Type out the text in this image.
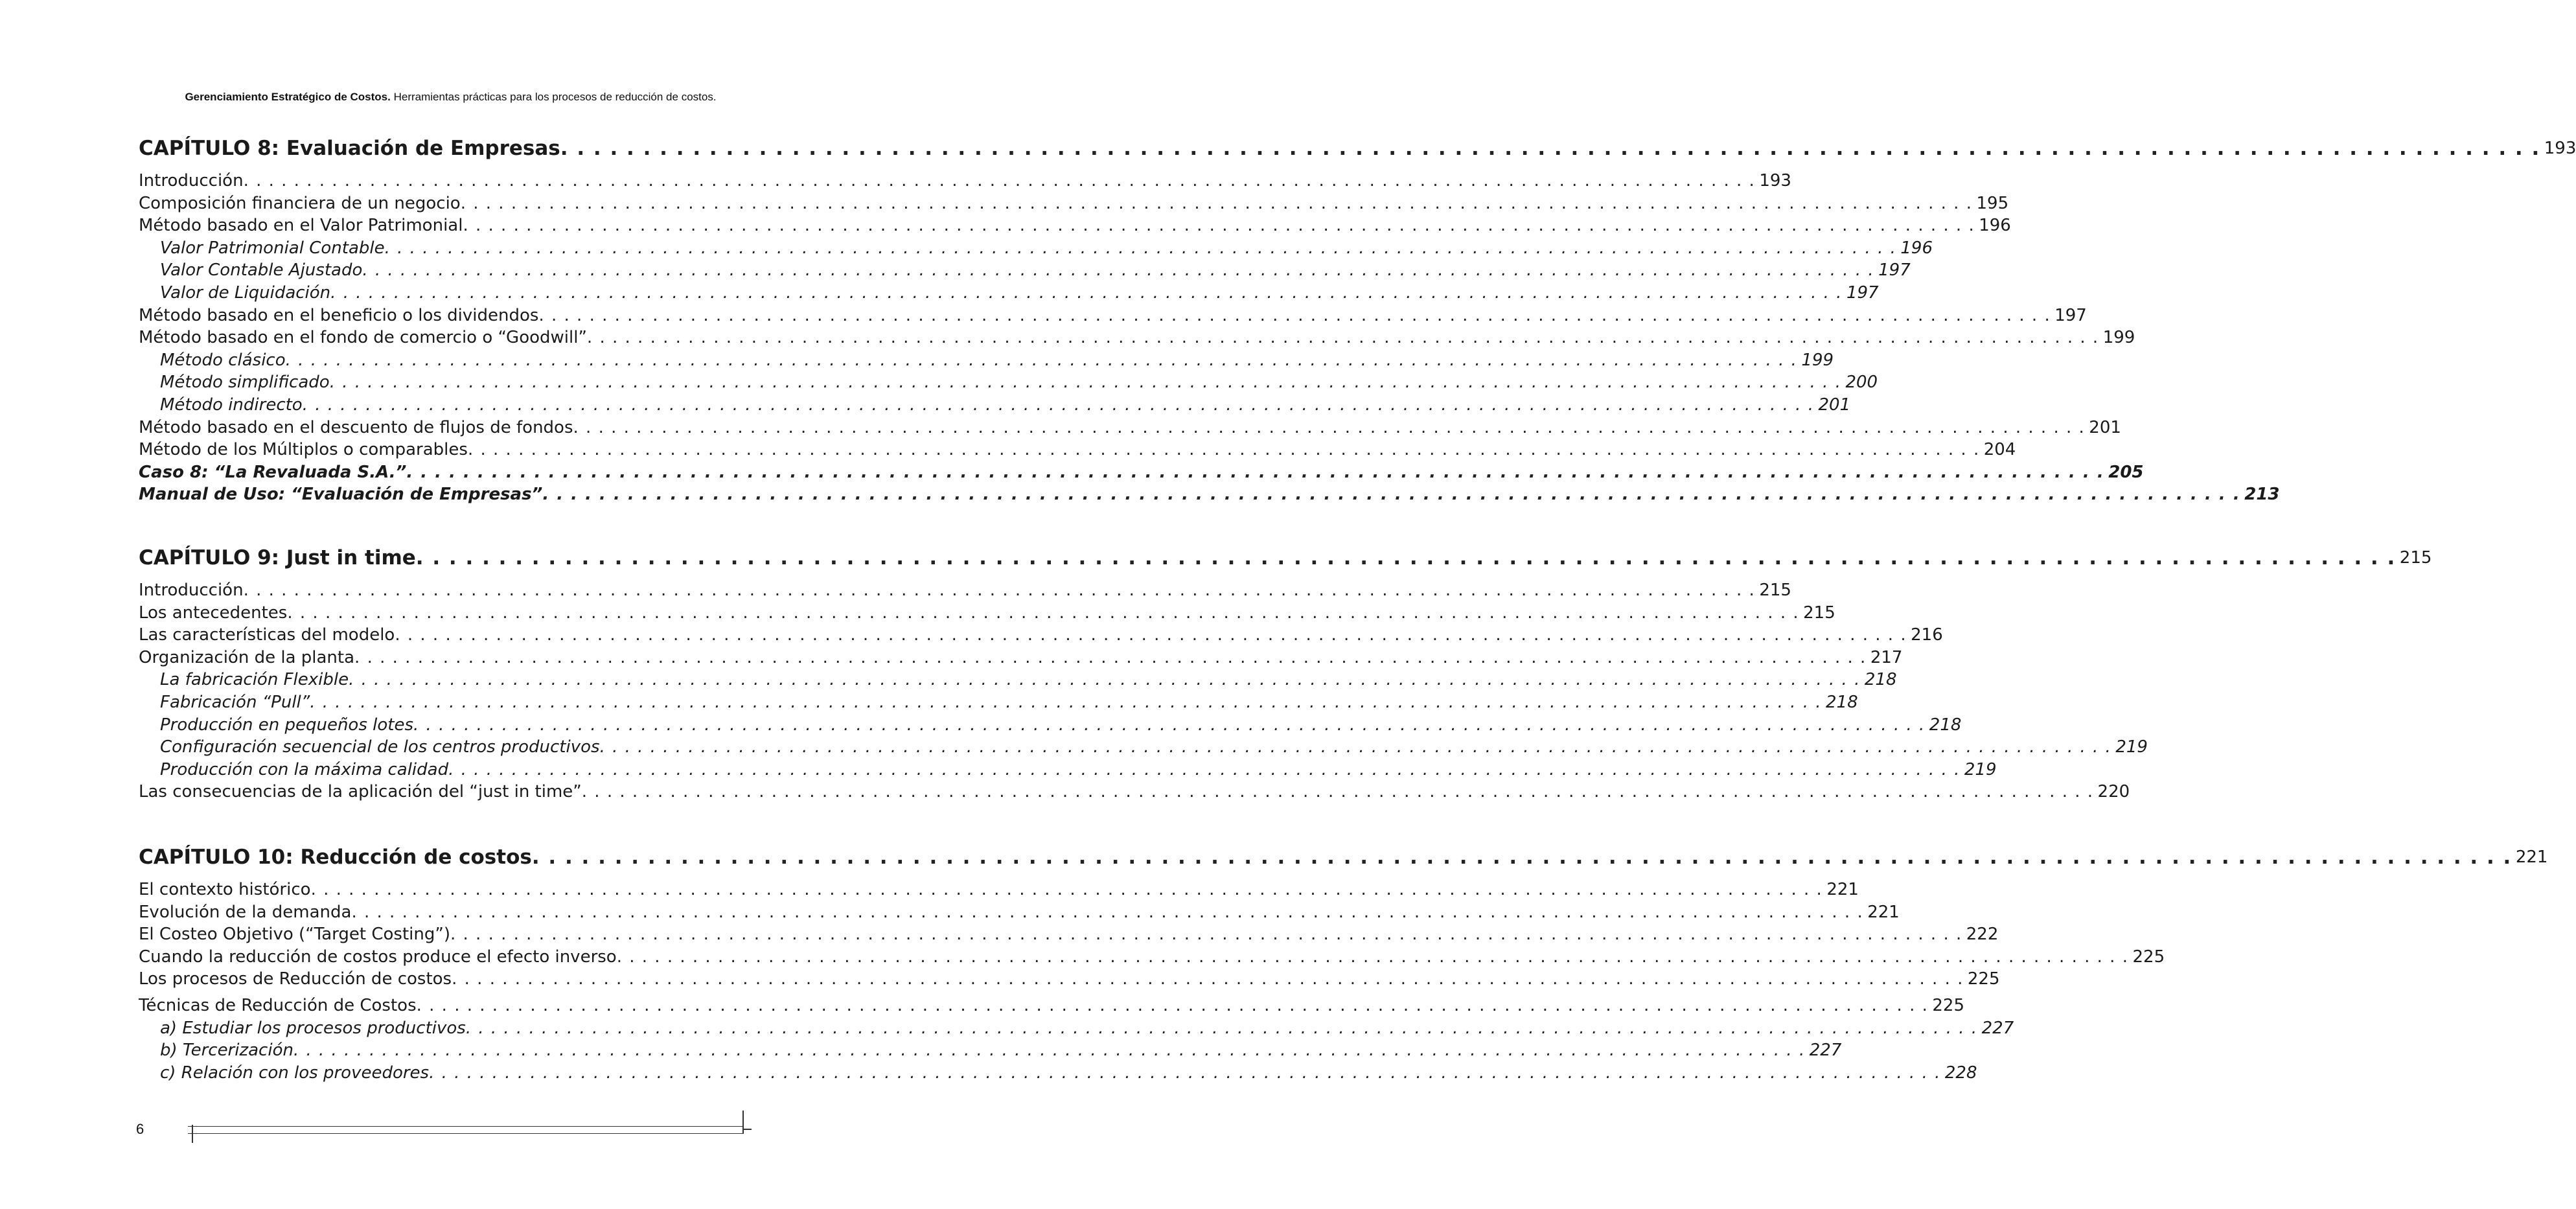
Gerenciamiento Estratégico de Costos. Herramientas prácticas para los procesos de reducción de costos.
CAPÍTULO 8: Evaluación de Empresas . . . . . . . . . . . . . . . . . . . . . . . . . . . . . . . . . . . . . . . . . . . . . . . . . . . . . . . . . . . . . . . . . . . . . . . . . . . . . . . . . . . . . . . . . . . . . . . . . . . . . . . . . . . . . . . . . . . . . . . . 193
Introducción . . . . . . . . . . . . . . . . . . . . . . . . . . . . . . . . . . . . . . . . . . . . . . . . . . . . . . . . . . . . . . . . . . . . . . . . . . . . . . . . . . . . . . . . . . . . . . . . . . . . . . . . . . . . . . . . . . . . . . . . 193
Composición financiera de un negocio . . . . . . . . . . . . . . . . . . . . . . . . . . . . . . . . . . . . . . . . . . . . . . . . . . . . . . . . . . . . . . . . . . . . . . . . . . . . . . . . . . . . . . . . . . . . . . . . . . . . . . . . . . . . . . . . . . . . . . . . 195
Método basado en el Valor Patrimonial . . . . . . . . . . . . . . . . . . . . . . . . . . . . . . . . . . . . . . . . . . . . . . . . . . . . . . . . . . . . . . . . . . . . . . . . . . . . . . . . . . . . . . . . . . . . . . . . . . . . . . . . . . . . . . . . . . . . . . . . 196
Valor Patrimonial Contable . . . . . . . . . . . . . . . . . . . . . . . . . . . . . . . . . . . . . . . . . . . . . . . . . . . . . . . . . . . . . . . . . . . . . . . . . . . . . . . . . . . . . . . . . . . . . . . . . . . . . . . . . . . . . . . . . . . . . . . . 196
Valor Contable Ajustado . . . . . . . . . . . . . . . . . . . . . . . . . . . . . . . . . . . . . . . . . . . . . . . . . . . . . . . . . . . . . . . . . . . . . . . . . . . . . . . . . . . . . . . . . . . . . . . . . . . . . . . . . . . . . . . . . . . . . . . . 197
Valor de Liquidación . . . . . . . . . . . . . . . . . . . . . . . . . . . . . . . . . . . . . . . . . . . . . . . . . . . . . . . . . . . . . . . . . . . . . . . . . . . . . . . . . . . . . . . . . . . . . . . . . . . . . . . . . . . . . . . . . . . . . . . . 197
Método basado en el beneficio o los dividendos . . . . . . . . . . . . . . . . . . . . . . . . . . . . . . . . . . . . . . . . . . . . . . . . . . . . . . . . . . . . . . . . . . . . . . . . . . . . . . . . . . . . . . . . . . . . . . . . . . . . . . . . . . . . . . . . . . . . . . . . 197
Método basado en el fondo de comercio o “Goodwill” . . . . . . . . . . . . . . . . . . . . . . . . . . . . . . . . . . . . . . . . . . . . . . . . . . . . . . . . . . . . . . . . . . . . . . . . . . . . . . . . . . . . . . . . . . . . . . . . . . . . . . . . . . . . . . . . . . . . . . . . 199
Método clásico . . . . . . . . . . . . . . . . . . . . . . . . . . . . . . . . . . . . . . . . . . . . . . . . . . . . . . . . . . . . . . . . . . . . . . . . . . . . . . . . . . . . . . . . . . . . . . . . . . . . . . . . . . . . . . . . . . . . . . . . 199
Método simplificado . . . . . . . . . . . . . . . . . . . . . . . . . . . . . . . . . . . . . . . . . . . . . . . . . . . . . . . . . . . . . . . . . . . . . . . . . . . . . . . . . . . . . . . . . . . . . . . . . . . . . . . . . . . . . . . . . . . . . . . . 200
Método indirecto . . . . . . . . . . . . . . . . . . . . . . . . . . . . . . . . . . . . . . . . . . . . . . . . . . . . . . . . . . . . . . . . . . . . . . . . . . . . . . . . . . . . . . . . . . . . . . . . . . . . . . . . . . . . . . . . . . . . . . . . 201
Método basado en el descuento de flujos de fondos . . . . . . . . . . . . . . . . . . . . . . . . . . . . . . . . . . . . . . . . . . . . . . . . . . . . . . . . . . . . . . . . . . . . . . . . . . . . . . . . . . . . . . . . . . . . . . . . . . . . . . . . . . . . . . . . . . . . . . . . 201
Método de los Múltiplos o comparables . . . . . . . . . . . . . . . . . . . . . . . . . . . . . . . . . . . . . . . . . . . . . . . . . . . . . . . . . . . . . . . . . . . . . . . . . . . . . . . . . . . . . . . . . . . . . . . . . . . . . . . . . . . . . . . . . . . . . . . . 204
Caso 8: “La Revaluada S.A.” . . . . . . . . . . . . . . . . . . . . . . . . . . . . . . . . . . . . . . . . . . . . . . . . . . . . . . . . . . . . . . . . . . . . . . . . . . . . . . . . . . . . . . . . . . . . . . . . . . . . . . . . . . . . . . . . . . . . . . . . 205
Manual de Uso: “Evaluación de Empresas” . . . . . . . . . . . . . . . . . . . . . . . . . . . . . . . . . . . . . . . . . . . . . . . . . . . . . . . . . . . . . . . . . . . . . . . . . . . . . . . . . . . . . . . . . . . . . . . . . . . . . . . . . . . . . . . . . . . . . . . . 213
CAPÍTULO 9: Just in time . . . . . . . . . . . . . . . . . . . . . . . . . . . . . . . . . . . . . . . . . . . . . . . . . . . . . . . . . . . . . . . . . . . . . . . . . . . . . . . . . . . . . . . . . . . . . . . . . . . . . . . . . . . . . . . . . . . . . . . . 215
Introducción . . . . . . . . . . . . . . . . . . . . . . . . . . . . . . . . . . . . . . . . . . . . . . . . . . . . . . . . . . . . . . . . . . . . . . . . . . . . . . . . . . . . . . . . . . . . . . . . . . . . . . . . . . . . . . . . . . . . . . . . 215
Los antecedentes . . . . . . . . . . . . . . . . . . . . . . . . . . . . . . . . . . . . . . . . . . . . . . . . . . . . . . . . . . . . . . . . . . . . . . . . . . . . . . . . . . . . . . . . . . . . . . . . . . . . . . . . . . . . . . . . . . . . . . . . 215
Las características del modelo . . . . . . . . . . . . . . . . . . . . . . . . . . . . . . . . . . . . . . . . . . . . . . . . . . . . . . . . . . . . . . . . . . . . . . . . . . . . . . . . . . . . . . . . . . . . . . . . . . . . . . . . . . . . . . . . . . . . . . . . 216
Organización de la planta . . . . . . . . . . . . . . . . . . . . . . . . . . . . . . . . . . . . . . . . . . . . . . . . . . . . . . . . . . . . . . . . . . . . . . . . . . . . . . . . . . . . . . . . . . . . . . . . . . . . . . . . . . . . . . . . . . . . . . . . 217
La fabricación Flexible . . . . . . . . . . . . . . . . . . . . . . . . . . . . . . . . . . . . . . . . . . . . . . . . . . . . . . . . . . . . . . . . . . . . . . . . . . . . . . . . . . . . . . . . . . . . . . . . . . . . . . . . . . . . . . . . . . . . . . . . 218
Fabricación “Pull” . . . . . . . . . . . . . . . . . . . . . . . . . . . . . . . . . . . . . . . . . . . . . . . . . . . . . . . . . . . . . . . . . . . . . . . . . . . . . . . . . . . . . . . . . . . . . . . . . . . . . . . . . . . . . . . . . . . . . . . . 218
Producción en pequeños lotes . . . . . . . . . . . . . . . . . . . . . . . . . . . . . . . . . . . . . . . . . . . . . . . . . . . . . . . . . . . . . . . . . . . . . . . . . . . . . . . . . . . . . . . . . . . . . . . . . . . . . . . . . . . . . . . . . . . . . . . . 218
Configuración secuencial de los centros productivos . . . . . . . . . . . . . . . . . . . . . . . . . . . . . . . . . . . . . . . . . . . . . . . . . . . . . . . . . . . . . . . . . . . . . . . . . . . . . . . . . . . . . . . . . . . . . . . . . . . . . . . . . . . . . . . . . . . . . . . . 219
Producción con la máxima calidad . . . . . . . . . . . . . . . . . . . . . . . . . . . . . . . . . . . . . . . . . . . . . . . . . . . . . . . . . . . . . . . . . . . . . . . . . . . . . . . . . . . . . . . . . . . . . . . . . . . . . . . . . . . . . . . . . . . . . . . . 219
Las consecuencias de la aplicación del “just in time” . . . . . . . . . . . . . . . . . . . . . . . . . . . . . . . . . . . . . . . . . . . . . . . . . . . . . . . . . . . . . . . . . . . . . . . . . . . . . . . . . . . . . . . . . . . . . . . . . . . . . . . . . . . . . . . . . . . . . . . . 220
CAPÍTULO 10: Reducción de costos . . . . . . . . . . . . . . . . . . . . . . . . . . . . . . . . . . . . . . . . . . . . . . . . . . . . . . . . . . . . . . . . . . . . . . . . . . . . . . . . . . . . . . . . . . . . . . . . . . . . . . . . . . . . . . . . . . . . . . . . 221
El contexto histórico . . . . . . . . . . . . . . . . . . . . . . . . . . . . . . . . . . . . . . . . . . . . . . . . . . . . . . . . . . . . . . . . . . . . . . . . . . . . . . . . . . . . . . . . . . . . . . . . . . . . . . . . . . . . . . . . . . . . . . . . 221
Evolución de la demanda . . . . . . . . . . . . . . . . . . . . . . . . . . . . . . . . . . . . . . . . . . . . . . . . . . . . . . . . . . . . . . . . . . . . . . . . . . . . . . . . . . . . . . . . . . . . . . . . . . . . . . . . . . . . . . . . . . . . . . . . 221
El Costeo Objetivo (“Target Costing”) . . . . . . . . . . . . . . . . . . . . . . . . . . . . . . . . . . . . . . . . . . . . . . . . . . . . . . . . . . . . . . . . . . . . . . . . . . . . . . . . . . . . . . . . . . . . . . . . . . . . . . . . . . . . . . . . . . . . . . . . 222
Cuando la reducción de costos produce el efecto inverso . . . . . . . . . . . . . . . . . . . . . . . . . . . . . . . . . . . . . . . . . . . . . . . . . . . . . . . . . . . . . . . . . . . . . . . . . . . . . . . . . . . . . . . . . . . . . . . . . . . . . . . . . . . . . . . . . . . . . . . . 225
Los procesos de Reducción de costos . . . . . . . . . . . . . . . . . . . . . . . . . . . . . . . . . . . . . . . . . . . . . . . . . . . . . . . . . . . . . . . . . . . . . . . . . . . . . . . . . . . . . . . . . . . . . . . . . . . . . . . . . . . . . . . . . . . . . . . . 225
Técnicas de Reducción de Costos . . . . . . . . . . . . . . . . . . . . . . . . . . . . . . . . . . . . . . . . . . . . . . . . . . . . . . . . . . . . . . . . . . . . . . . . . . . . . . . . . . . . . . . . . . . . . . . . . . . . . . . . . . . . . . . . . . . . . . . . 225
a) Estudiar los procesos productivos . . . . . . . . . . . . . . . . . . . . . . . . . . . . . . . . . . . . . . . . . . . . . . . . . . . . . . . . . . . . . . . . . . . . . . . . . . . . . . . . . . . . . . . . . . . . . . . . . . . . . . . . . . . . . . . . . . . . . . . . 227
b) Tercerización . . . . . . . . . . . . . . . . . . . . . . . . . . . . . . . . . . . . . . . . . . . . . . . . . . . . . . . . . . . . . . . . . . . . . . . . . . . . . . . . . . . . . . . . . . . . . . . . . . . . . . . . . . . . . . . . . . . . . . . . 227
c) Relación con los proveedores . . . . . . . . . . . . . . . . . . . . . . . . . . . . . . . . . . . . . . . . . . . . . . . . . . . . . . . . . . . . . . . . . . . . . . . . . . . . . . . . . . . . . . . . . . . . . . . . . . . . . . . . . . . . . . . . . . . . . . . . 228
6
